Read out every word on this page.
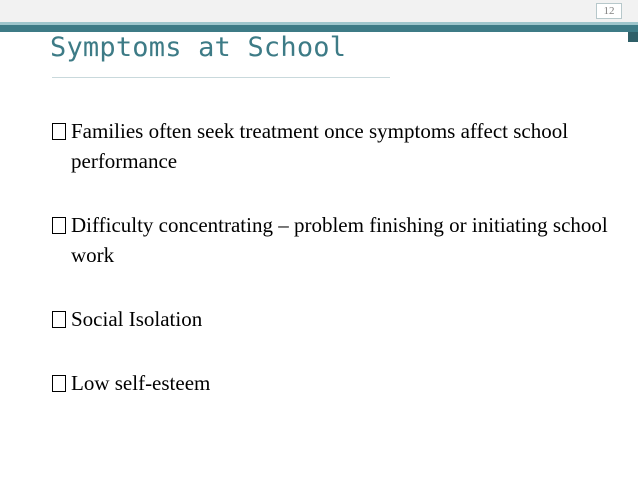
12
Symptoms at School
Families often seek treatment once symptoms affect school performance
Difficulty concentrating – problem finishing or initiating school work
Social Isolation
Low self-esteem
